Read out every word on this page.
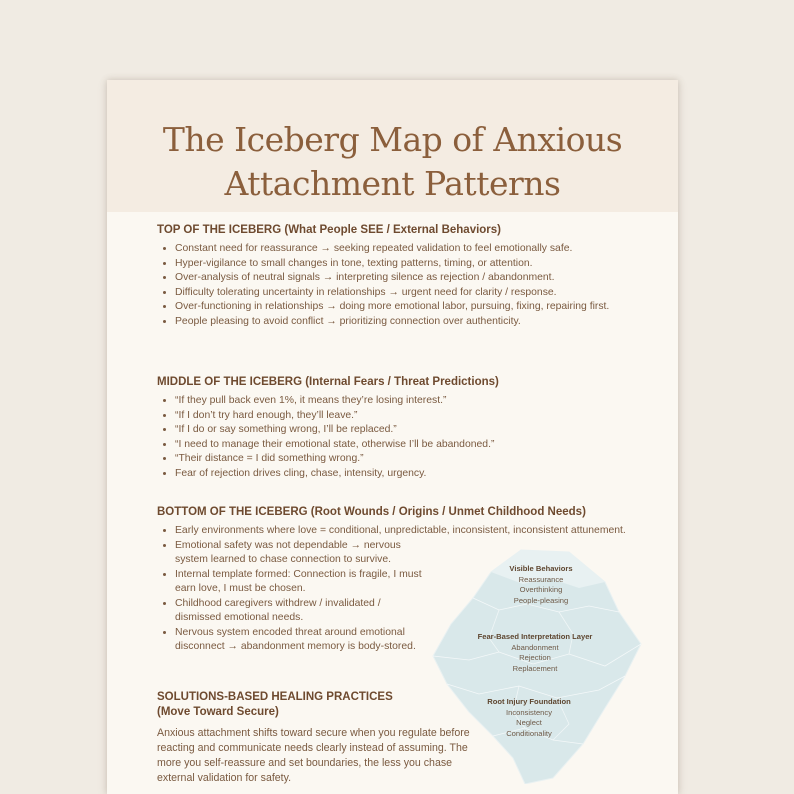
The Iceberg Map of Anxious
Attachment Patterns

TOP OF THE ICEBERG (What People SEE / External Behaviors)

• Constant need for reassurance → seeking repeated validation to feel emotionally safe.
• Hyper-vigilance to small changes in tone, texting patterns, timing, or attention.
• Over-analysis of neutral signals → interpreting silence as rejection / abandonment.
• Difficulty tolerating uncertainty in relationships → urgent need for clarity / response.
• Over-functioning in relationships → doing more emotional labor, pursuing, fixing, repairing first.
• People pleasing to avoid conflict → prioritizing connection over authenticity.

MIDDLE OF THE ICEBERG (Internal Fears / Threat Predictions)

• “If they pull back even 1%, it means they’re losing interest.”
• “If I don’t try hard enough, they’ll leave.”
• “If I do or say something wrong, I’ll be replaced.”
• “I need to manage their emotional state, otherwise I’ll be abandoned.”
• “Their distance = I did something wrong.”
• Fear of rejection drives cling, chase, intensity, urgency.

BOTTOM OF THE ICEBERG (Root Wounds / Origins / Unmet Childhood Needs)

• Early environments where love = conditional, unpredictable, inconsistent, inconsistent attunement.
• Emotional safety was not dependable → nervous system learned to chase connection to survive.
• Internal template formed: Connection is fragile, I must earn love, I must be chosen.
• Childhood caregivers withdrew / invalidated / dismissed emotional needs.
• Nervous system encoded threat around emotional disconnect → abandonment memory is body-stored.

SOLUTIONS-BASED HEALING PRACTICES (Move Toward Secure)

Anxious attachment shifts toward secure when you regulate before reacting and communicate needs clearly instead of assuming. The more you self-reassure and set boundaries, the less you chase external validation for safety.

Visible Behaviors
Reassurance
Overthinking
People-pleasing
Fear-Based Interpretation Layer
Abandonment
Rejection
Replacement
Root Injury Foundation
Inconsistency
Neglect
Conditionality
